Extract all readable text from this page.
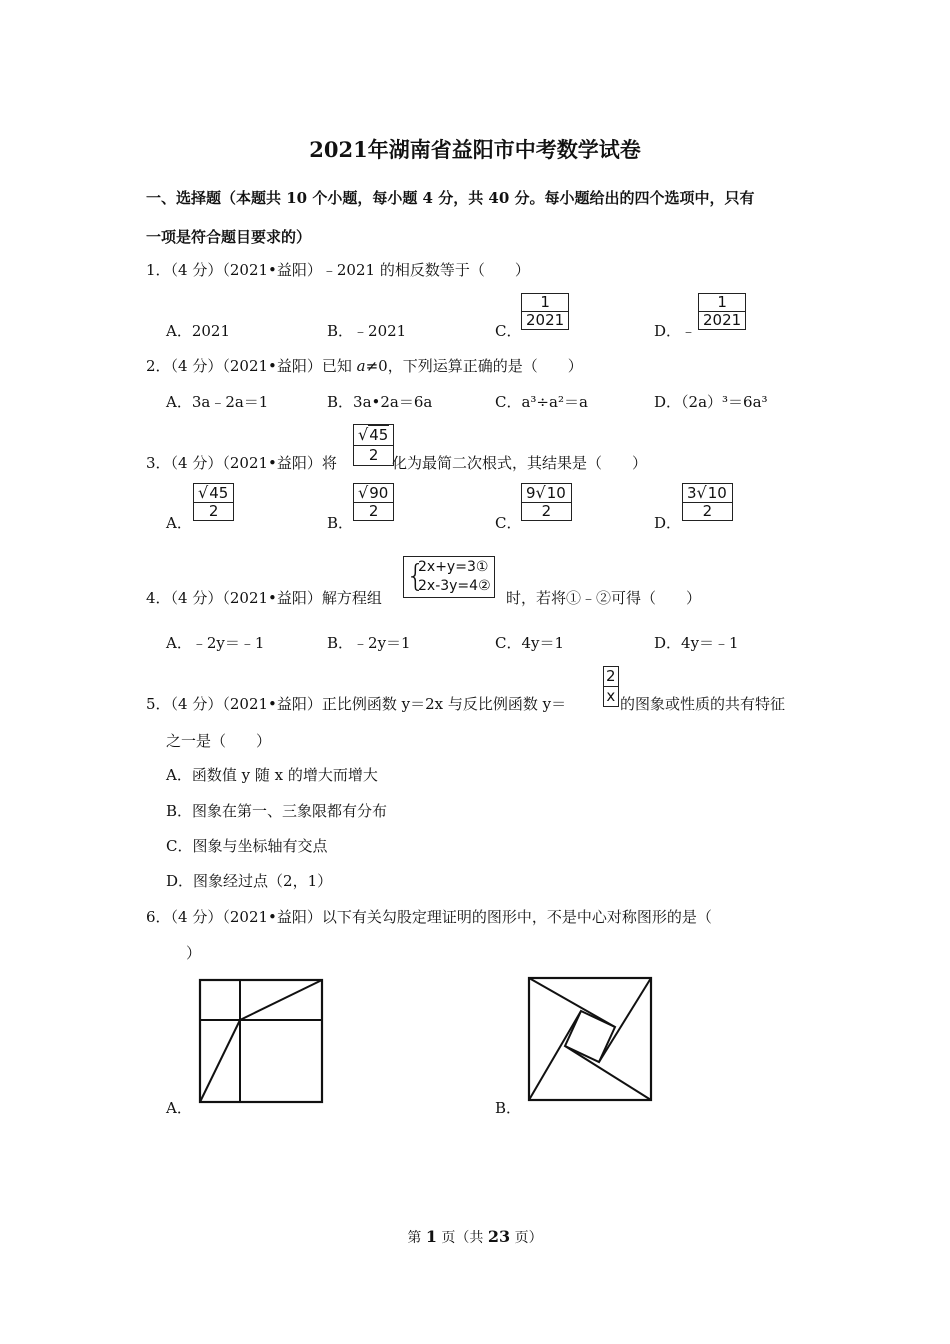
2021年湖南省益阳市中考数学试卷
一、选择题（本题共 10 个小题，每小题 4 分，共 40 分。每小题给出的四个选项中，只有
一项是符合题目要求的）
1．（4 分）（2021•益阳）﹣2021 的相反数等于（　　）
A．2021	B．﹣2021	C．
$\frac{1}{2021}$
D．﹣
$\frac{1}{2021}$
2．（4 分）（2021•益阳）已知 a≠0，下列运算正确的是（　　）
A．3a﹣2a＝1	B．3a•2a＝6a	C．a³÷a²＝a	D．（2a）³＝6a³
3．（4 分）（2021•益阳）将 $\frac{√45}{2}$
化为最简二次根式，其结果是（　　）
A．
$\frac{√45}{2}$
B．
$\frac{√90}{2}$
C．
$\frac{9√10}{2}$
D．
$\frac{3√10}{2}$
4．（4 分）（2021•益阳）解方程组
{
2x+y=3①
2x-3y=4②
时，若将①﹣②可得（　　）
A．﹣2y＝﹣1	B．﹣2y＝1	C．4y＝1	D．4y＝﹣1
5．（4 分）（2021•益阳）正比例函数 y＝2x 与反比例函数 $y= \frac{2}{x}$ 的图象或性质的共有特征
之一是（　　）
A．函数值 y 随 x 的增大而增大
B．图象在第一、三象限都有分布
C．图象与坐标轴有交点
D．图象经过点（2，1）
6．（4 分）（2021•益阳）以下有关勾股定理证明的图形中，不是中心对称图形的是（
）
A．	B．
第 1 页（共 23 页）
